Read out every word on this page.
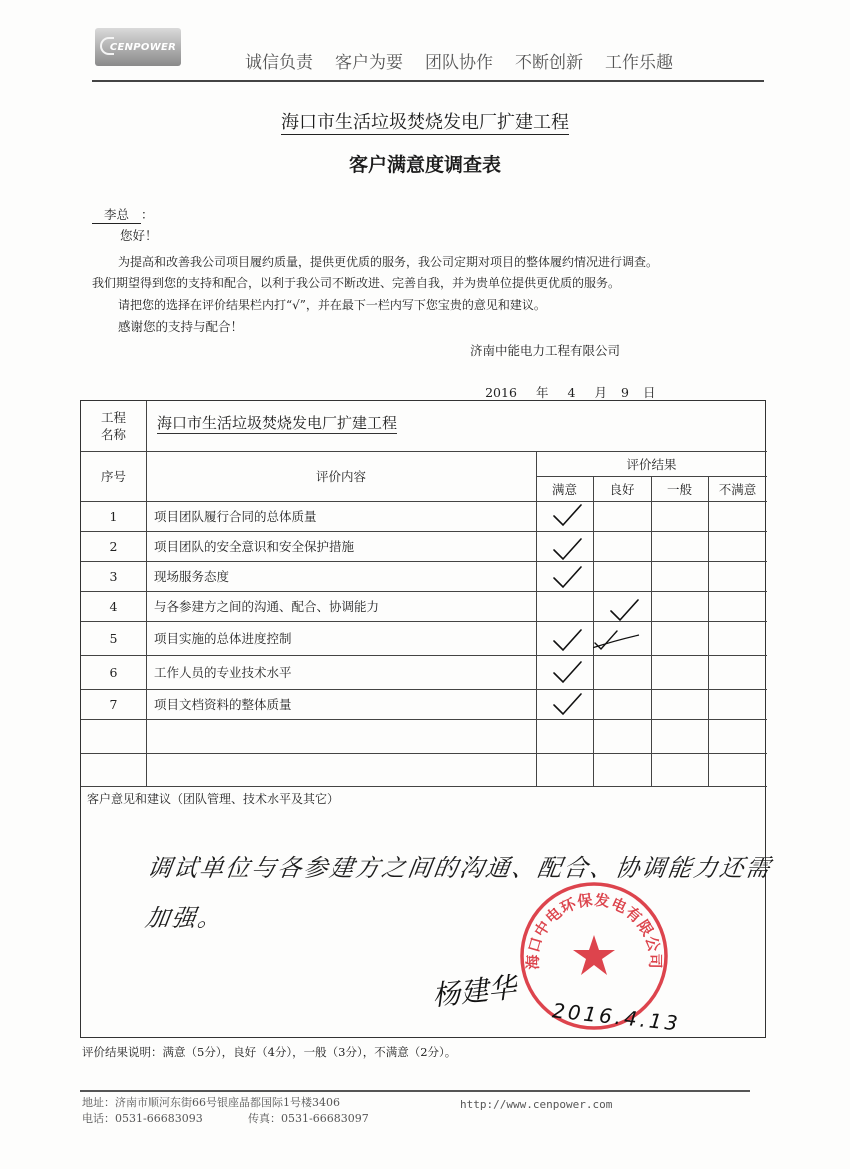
CENPOWER
诚信负责 客户为要 团队协作 不断创新 工作乐趣
海口市生活垃圾焚烧发电厂扩建工程
客户满意度调查表
李总 ：
您好！
为提高和改善我公司项目履约质量，提供更优质的服务，我公司定期对项目的整体履约情况进行调查。
我们期望得到您的支持和配合，以利于我公司不断改进、完善自我，并为贵单位提供更优质的服务。
请把您的选择在评价结果栏内打“√”，并在最下一栏内写下您宝贵的意见和建议。
感谢您的支持与配合！
济南中能电力工程有限公司
2016 年 4 月 9 日
工程
名称
海口市生活垃圾焚烧发电厂扩建工程
序号	评价内容
评价结果
满意	良好	一般	不满意
1	项目团队履行合同的总体质量
2	项目团队的安全意识和安全保护措施
3	现场服务态度
4	与各参建方之间的沟通、配合、协调能力
5	项目实施的总体进度控制
6	工作人员的专业技术水平
7	项目文档资料的整体质量
客户意见和建议（团队管理、技术水平及其它）
调试单位与各参建方之间的沟通、配合、协调能力还需
加强。
海口中电环保发电有限公司
杨建华
2016.4.13
评价结果说明：满意（5分），良好（4分），一般（3分），不满意（2分）。
地址：济南市顺河东街66号银座晶都国际1号楼3406	http://www.cenpower.com
电话：0531-66683093	传真：0531-66683097
